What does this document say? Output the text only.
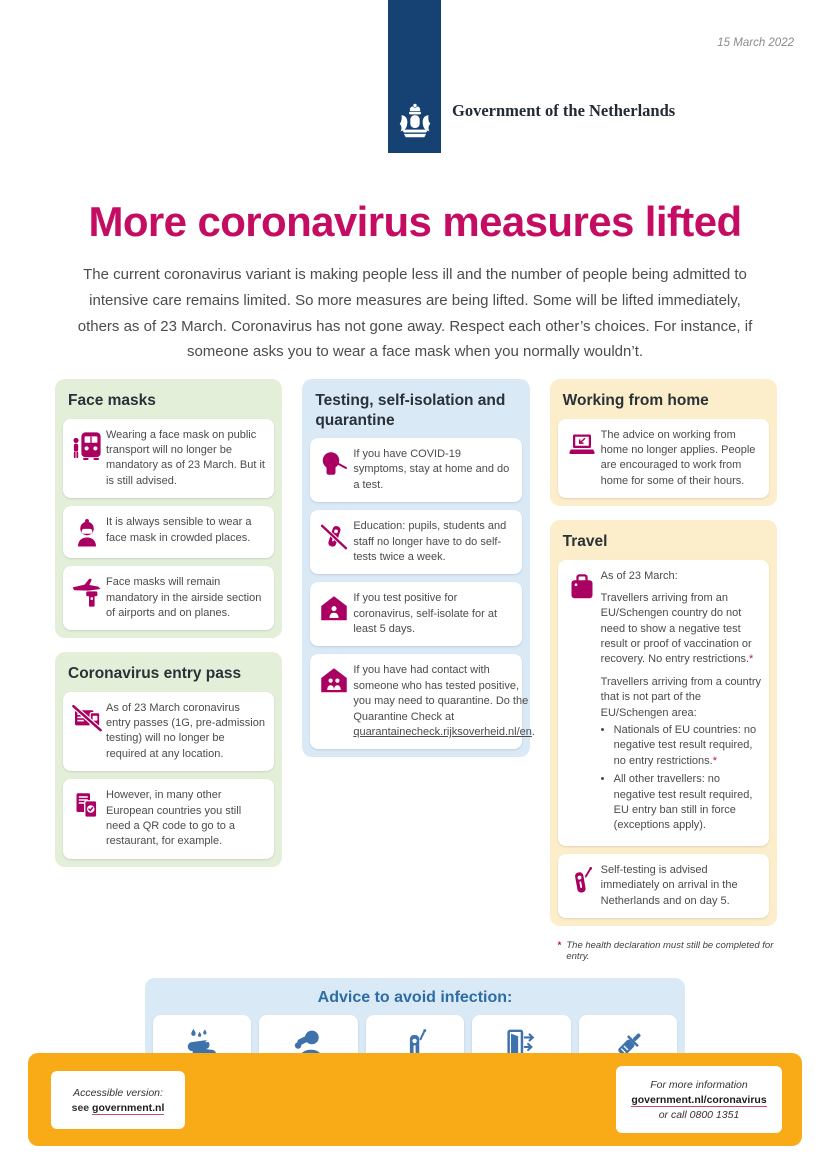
15 March 2022
Government of the Netherlands
More coronavirus measures lifted

The current coronavirus variant is making people less ill and the number of people being admitted to intensive care remains limited. So more measures are being lifted. Some will be lifted immediately, others as of 23 March. Coronavirus has not gone away. Respect each other’s choices. For instance, if someone asks you to wear a face mask when you normally wouldn’t.

Face masks
Wearing a face mask on public transport will no longer be mandatory as of 23 March. But it is still advised.
It is always sensible to wear a face mask in crowded places.
Face masks will remain mandatory in the airside section of airports and on planes.
Coronavirus entry pass
As of 23 March coronavirus entry passes (1G, pre-admission testing) will no longer be required at any location.
However, in many other European countries you still need a QR code to go to a restaurant, for example.
Testing, self-isolation and quarantine
If you have COVID-19 symptoms, stay at home and do a test.
Education: pupils, students and staff no longer have to do self-tests twice a week.
If you test positive for coronavirus, self-isolate for at least 5 days.

If you have had contact with someone who has tested positive, you may need to quarantine. Do the Quarantine Check at quarantainecheck.rijksoverheid.nl/en.

Working from home
The advice on working from home no longer applies. People are encouraged to work from home for some of their hours.
Travel

As of 23 March:

Travellers arriving from an EU/Schengen country do not need to show a negative test result or proof of vaccination or recovery. No entry restrictions.*

Travellers arriving from a country that is not part of the EU/Schengen area:

• Nationals of EU countries: no negative test result required, no entry restrictions.*
• All other travellers: no negative test result required, EU entry ban still in force (exceptions apply).
Self-testing is advised immediately on arrival in the Netherlands and on day 5.

* The health declaration must still be completed for entry.

Advice to avoid infection:

Accessible version:

see government.nl

For more information

government.nl/coronavirus

or call 0800 1351
